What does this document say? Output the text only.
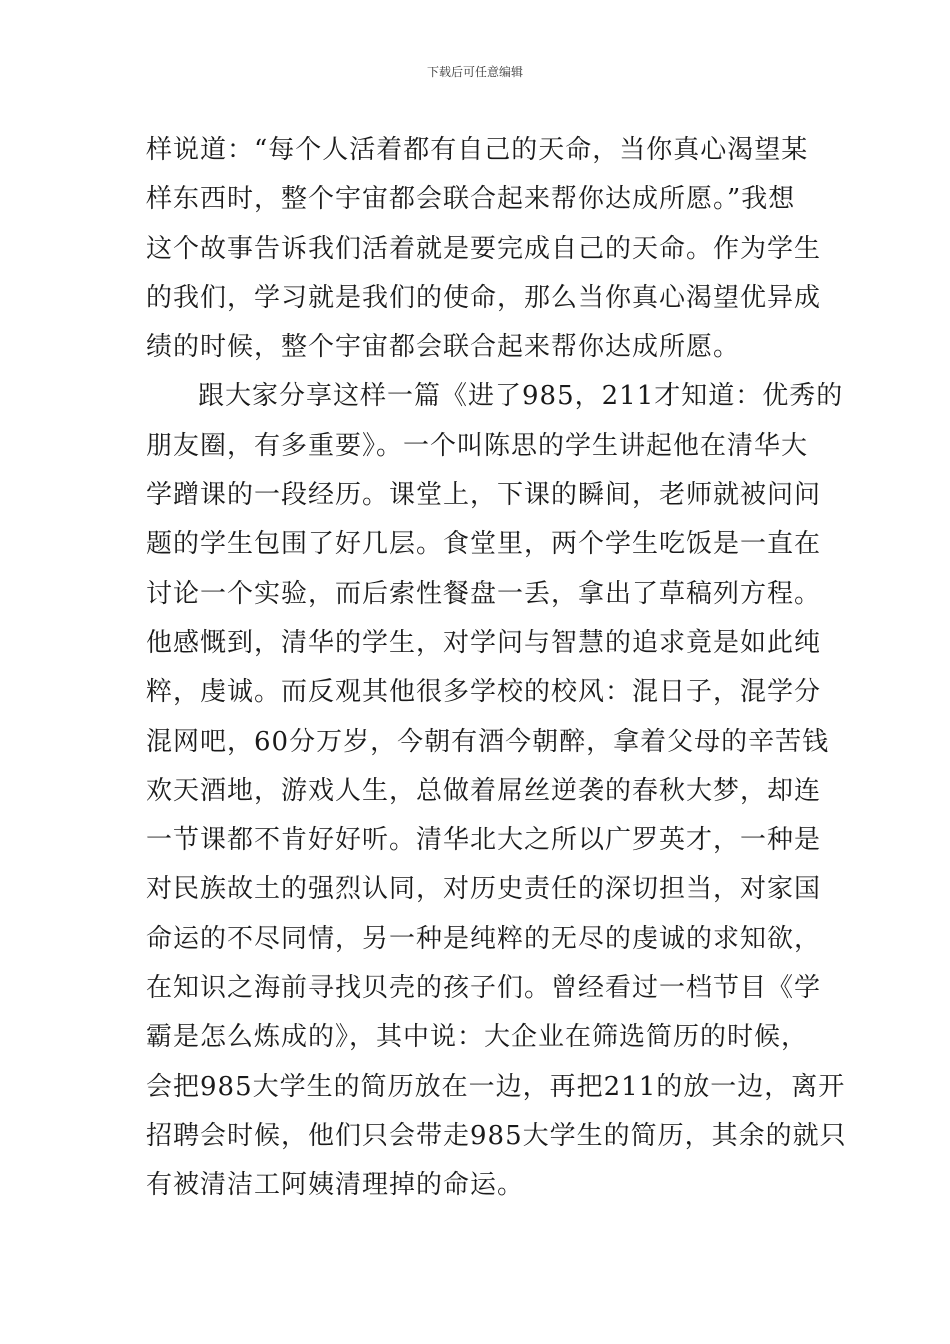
下载后可任意编辑
样说道：“每个人活着都有自己的天命，当你真心渴望某
样东西时，整个宇宙都会联合起来帮你达成所愿。”我想
这个故事告诉我们活着就是要完成自己的天命。作为学生
的我们，学习就是我们的使命，那么当你真心渴望优异成
绩的时候，整个宇宙都会联合起来帮你达成所愿。
跟大家分享这样一篇《进了985，211才知道：优秀的
朋友圈，有多重要》。一个叫陈思的学生讲起他在清华大
学蹭课的一段经历。课堂上，下课的瞬间，老师就被问问
题的学生包围了好几层。食堂里，两个学生吃饭是一直在
讨论一个实验，而后索性餐盘一丢，拿出了草稿列方程。
他感慨到，清华的学生，对学问与智慧的追求竟是如此纯
粹，虔诚。而反观其他很多学校的校风：混日子，混学分
混网吧，60分万岁，今朝有酒今朝醉，拿着父母的辛苦钱
欢天酒地，游戏人生，总做着屌丝逆袭的春秋大梦，却连
一节课都不肯好好听。清华北大之所以广罗英才，一种是
对民族故土的强烈认同，对历史责任的深切担当，对家国
命运的不尽同情，另一种是纯粹的无尽的虔诚的求知欲，
在知识之海前寻找贝壳的孩子们。曾经看过一档节目《学
霸是怎么炼成的》，其中说：大企业在筛选简历的时候，
会把985大学生的简历放在一边，再把211的放一边，离开
招聘会时候，他们只会带走985大学生的简历，其余的就只
有被清洁工阿姨清理掉的命运。
